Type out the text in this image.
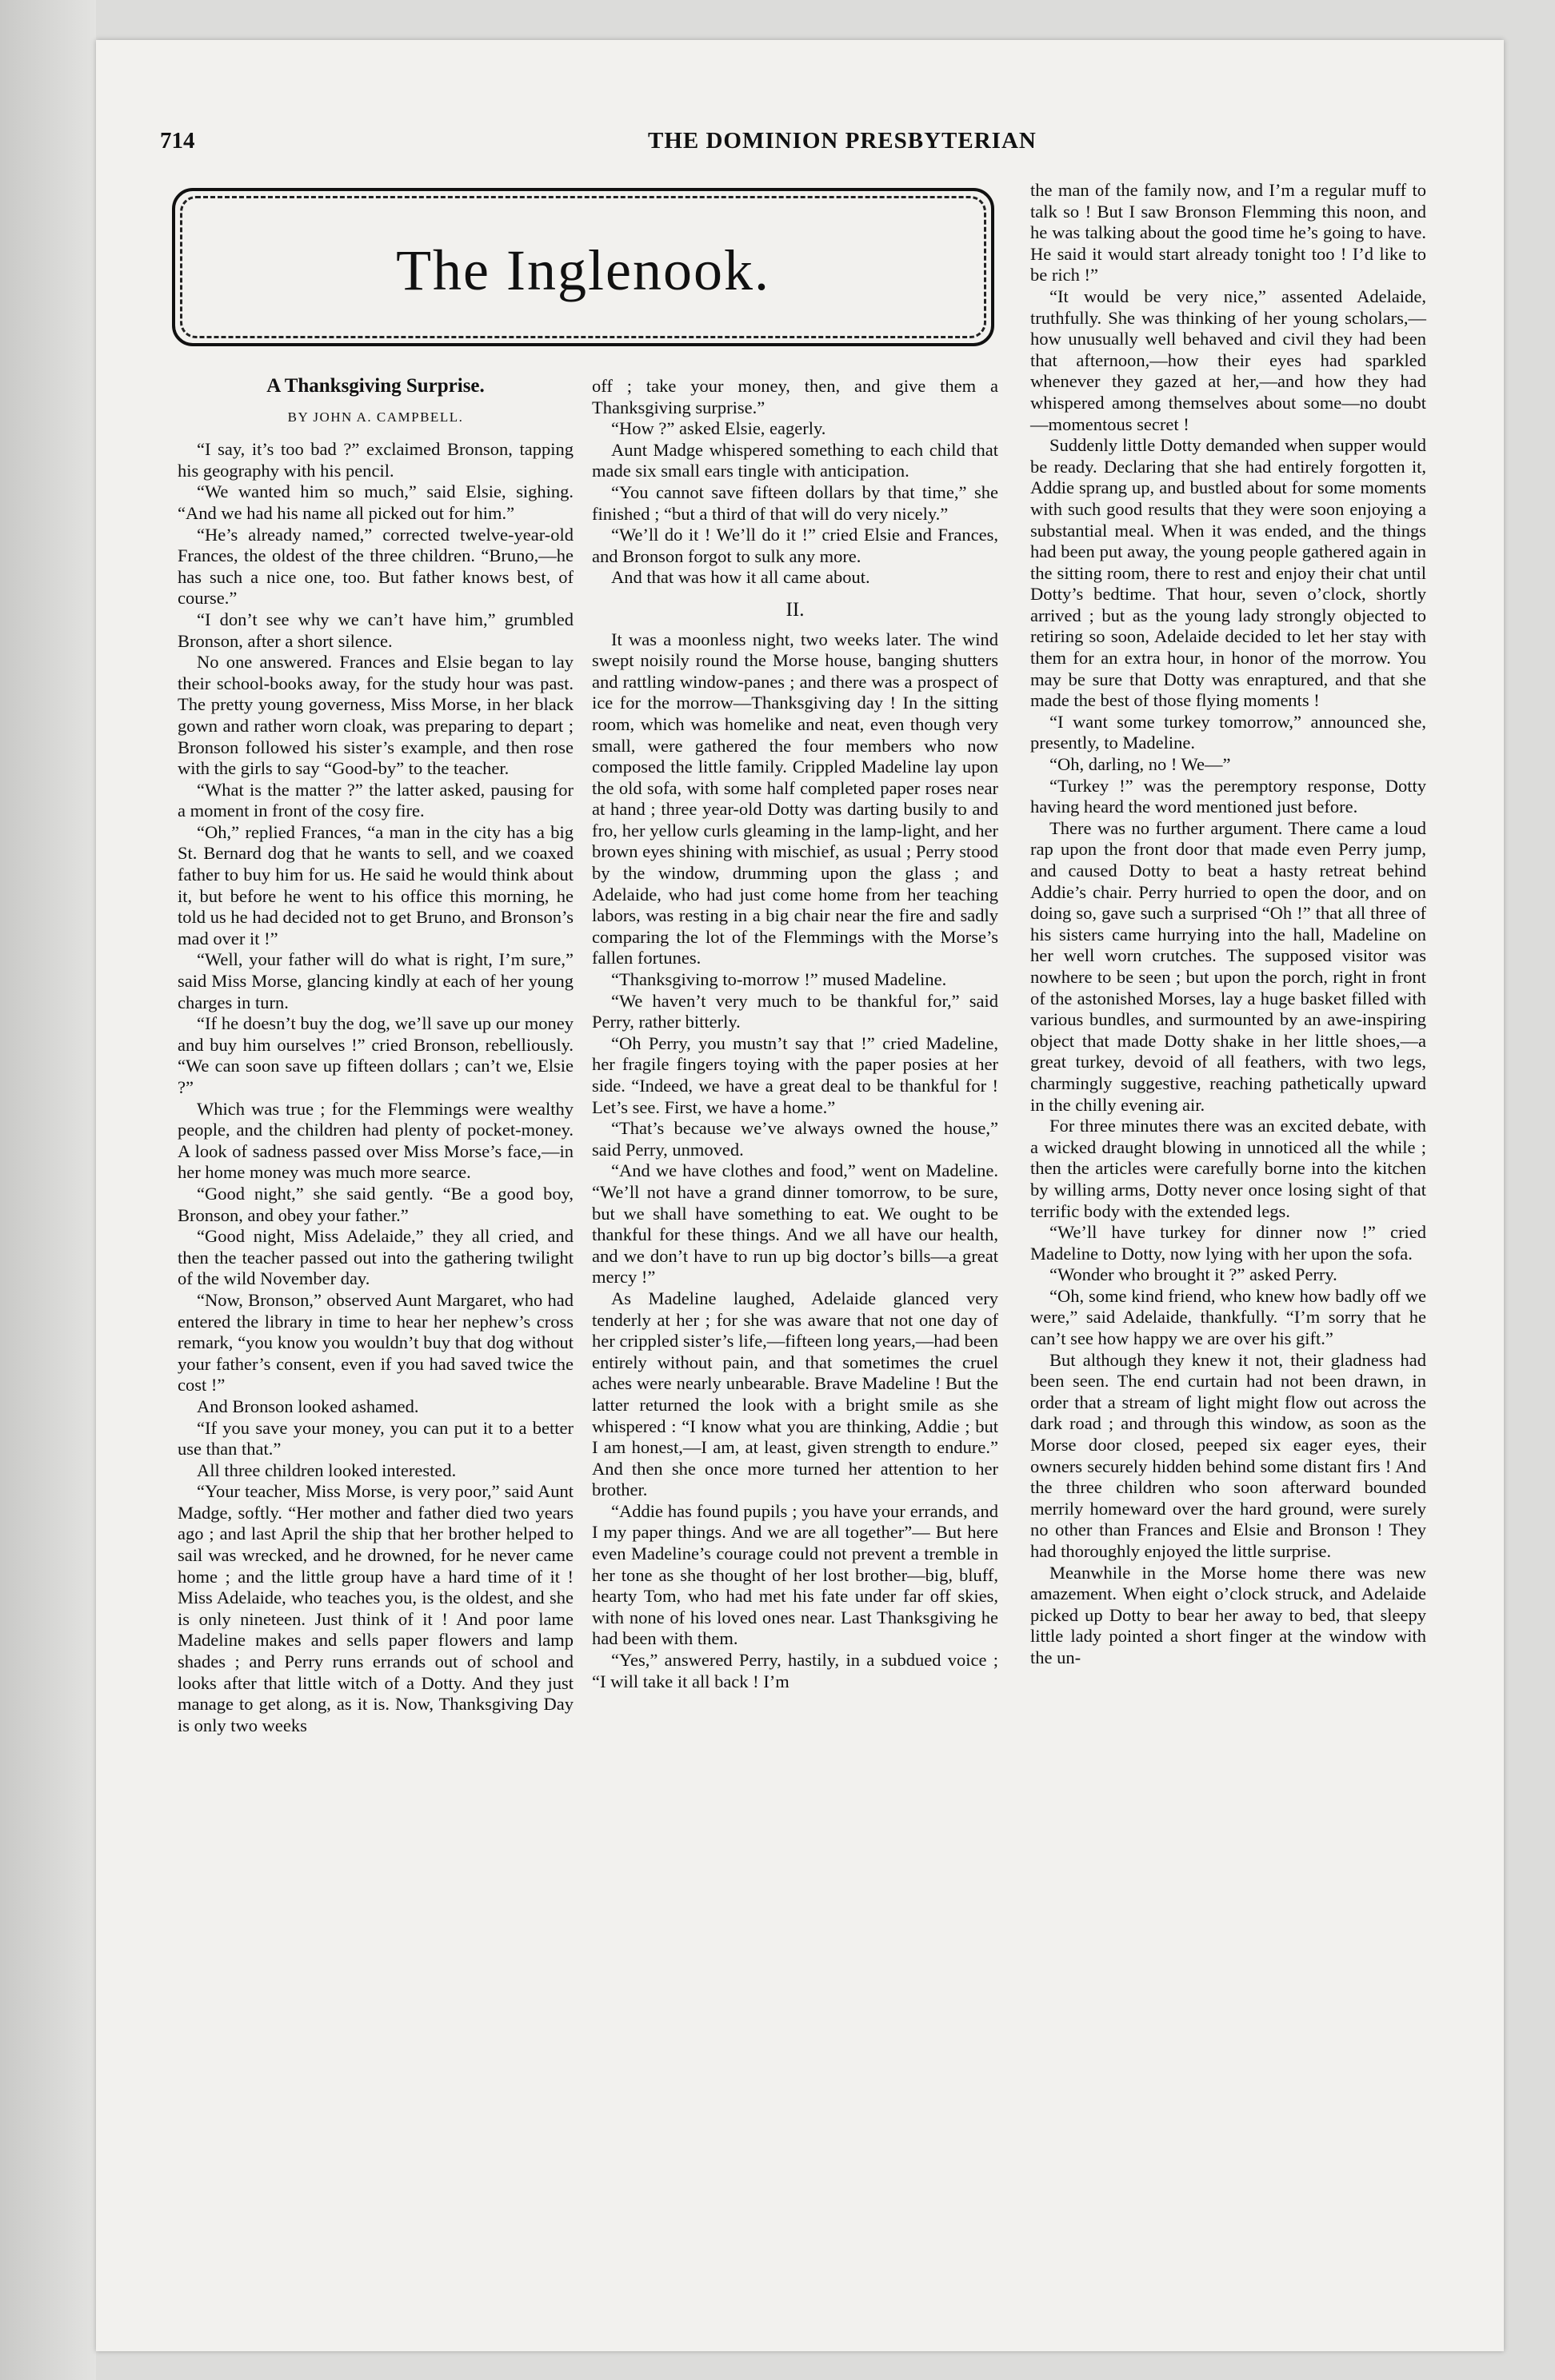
714	THE DOMINION PRESBYTERIAN
The Inglenook.

A Thanksgiving Surprise.

BY JOHN A. CAMPBELL.

“I say, it’s too bad ?” exclaimed Bronson, tapping his geography with his pencil.

“We wanted him so much,” said Elsie, sighing. “And we had his name all picked out for him.”

“He’s already named,” corrected twelve-year-old Frances, the oldest of the three children. “Bruno,—he has such a nice one, too. But father knows best, of course.”

“I don’t see why we can’t have him,” grumbled Bronson, after a short silence.

No one answered. Frances and Elsie began to lay their school-books away, for the study hour was past. The pretty young governess, Miss Morse, in her black gown and rather worn cloak, was preparing to depart ; Bronson followed his sister’s example, and then rose with the girls to say “Good-by” to the teacher.

“What is the matter ?” the latter asked, pausing for a moment in front of the cosy fire.

“Oh,” replied Frances, “a man in the city has a big St. Bernard dog that he wants to sell, and we coaxed father to buy him for us. He said he would think about it, but before he went to his office this morning, he told us he had decided not to get Bruno, and Bronson’s mad over it !”

“Well, your father will do what is right, I’m sure,” said Miss Morse, glancing kindly at each of her young charges in turn.

“If he doesn’t buy the dog, we’ll save up our money and buy him ourselves !” cried Bronson, rebelliously. “We can soon save up fifteen dollars ; can’t we, Elsie ?”

Which was true ; for the Flemmings were wealthy people, and the children had plenty of pocket-money. A look of sadness passed over Miss Morse’s face,—in her home money was much more searce.

“Good night,” she said gently. “Be a good boy, Bronson, and obey your father.”

“Good night, Miss Adelaide,” they all cried, and then the teacher passed out into the gathering twilight of the wild November day.

“Now, Bronson,” observed Aunt Margaret, who had entered the library in time to hear her nephew’s cross remark, “you know you wouldn’t buy that dog without your father’s consent, even if you had saved twice the cost !”

And Bronson looked ashamed.

“If you save your money, you can put it to a better use than that.”

All three children looked interested.

“Your teacher, Miss Morse, is very poor,” said Aunt Madge, softly. “Her mother and father died two years ago ; and last April the ship that her brother helped to sail was wrecked, and he drowned, for he never came home ; and the little group have a hard time of it ! Miss Adelaide, who teaches you, is the oldest, and she is only nineteen. Just think of it ! And poor lame Madeline makes and sells paper flowers and lamp shades ; and Perry runs errands out of school and looks after that little witch of a Dotty. And they just manage to get along, as it is. Now, Thanksgiving Day is only two weeks

off ; take your money, then, and give them a Thanksgiving surprise.”

“How ?” asked Elsie, eagerly.

Aunt Madge whispered something to each child that made six small ears tingle with anticipation.

“You cannot save fifteen dollars by that time,” she finished ; “but a third of that will do very nicely.”

“We’ll do it ! We’ll do it !” cried Elsie and Frances, and Bronson forgot to sulk any more.

And that was how it all came about.

II.

It was a moonless night, two weeks later. The wind swept noisily round the Morse house, banging shutters and rattling window-panes ; and there was a prospect of ice for the morrow—Thanksgiving day ! In the sitting room, which was homelike and neat, even though very small, were gathered the four members who now composed the little family. Crippled Madeline lay upon the old sofa, with some half completed paper roses near at hand ; three year-old Dotty was darting busily to and fro, her yellow curls gleaming in the lamp-light, and her brown eyes shining with mischief, as usual ; Perry stood by the window, drumming upon the glass ; and Adelaide, who had just come home from her teaching labors, was resting in a big chair near the fire and sadly comparing the lot of the Flemmings with the Morse’s fallen fortunes.

“Thanksgiving to-morrow !” mused Madeline.

“We haven’t very much to be thankful for,” said Perry, rather bitterly.

“Oh Perry, you mustn’t say that !” cried Madeline, her fragile fingers toying with the paper posies at her side. “Indeed, we have a great deal to be thankful for ! Let’s see. First, we have a home.”

“That’s because we’ve always owned the house,” said Perry, unmoved.

“And we have clothes and food,” went on Madeline. “We’ll not have a grand dinner tomorrow, to be sure, but we shall have something to eat. We ought to be thankful for these things. And we all have our health, and we don’t have to run up big doctor’s bills—a great mercy !”

As Madeline laughed, Adelaide glanced very tenderly at her ; for she was aware that not one day of her crippled sister’s life,—fifteen long years,—had been entirely without pain, and that sometimes the cruel aches were nearly unbearable. Brave Madeline ! But the latter returned the look with a bright smile as she whispered : “I know what you are thinking, Addie ; but I am honest,—I am, at least, given strength to endure.” And then she once more turned her attention to her brother.

“Addie has found pupils ; you have your errands, and I my paper things. And we are all together”— But here even Madeline’s courage could not prevent a tremble in her tone as she thought of her lost brother—big, bluff, hearty Tom, who had met his fate under far off skies, with none of his loved ones near. Last Thanksgiving he had been with them.

“Yes,” answered Perry, hastily, in a subdued voice ; “I will take it all back ! I’m

the man of the family now, and I’m a regular muff to talk so ! But I saw Bronson Flemming this noon, and he was talking about the good time he’s going to have. He said it would start already tonight too ! I’d like to be rich !”

“It would be very nice,” assented Adelaide, truthfully. She was thinking of her young scholars,—how unusually well behaved and civil they had been that afternoon,—how their eyes had sparkled whenever they gazed at her,—and how they had whispered among themselves about some—no doubt—momentous secret !

Suddenly little Dotty demanded when supper would be ready. Declaring that she had entirely forgotten it, Addie sprang up, and bustled about for some moments with such good results that they were soon enjoying a substantial meal. When it was ended, and the things had been put away, the young people gathered again in the sitting room, there to rest and enjoy their chat until Dotty’s bedtime. That hour, seven o’clock, shortly arrived ; but as the young lady strongly objected to retiring so soon, Adelaide decided to let her stay with them for an extra hour, in honor of the morrow. You may be sure that Dotty was enraptured, and that she made the best of those flying moments !

“I want some turkey tomorrow,” announced she, presently, to Madeline.

“Oh, darling, no ! We—”

“Turkey !” was the peremptory response, Dotty having heard the word mentioned just before.

There was no further argument. There came a loud rap upon the front door that made even Perry jump, and caused Dotty to beat a hasty retreat behind Addie’s chair. Perry hurried to open the door, and on doing so, gave such a surprised “Oh !” that all three of his sisters came hurrying into the hall, Madeline on her well worn crutches. The supposed visitor was nowhere to be seen ; but upon the porch, right in front of the astonished Morses, lay a huge basket filled with various bundles, and surmounted by an awe-inspiring object that made Dotty shake in her little shoes,—a great turkey, devoid of all feathers, with two legs, charmingly suggestive, reaching pathetically upward in the chilly evening air.

For three minutes there was an excited debate, with a wicked draught blowing in unnoticed all the while ; then the articles were carefully borne into the kitchen by willing arms, Dotty never once losing sight of that terrific body with the extended legs.

“We’ll have turkey for dinner now !” cried Madeline to Dotty, now lying with her upon the sofa.

“Wonder who brought it ?” asked Perry.

“Oh, some kind friend, who knew how badly off we were,” said Adelaide, thankfully. “I’m sorry that he can’t see how happy we are over his gift.”

But although they knew it not, their gladness had been seen. The end curtain had not been drawn, in order that a stream of light might flow out across the dark road ; and through this window, as soon as the Morse door closed, peeped six eager eyes, their owners securely hidden behind some distant firs ! And the three children who soon afterward bounded merrily homeward over the hard ground, were surely no other than Frances and Elsie and Bronson ! They had thoroughly enjoyed the little surprise.

Meanwhile in the Morse home there was new amazement. When eight o’clock struck, and Adelaide picked up Dotty to bear her away to bed, that sleepy little lady pointed a short finger at the window with the un-
